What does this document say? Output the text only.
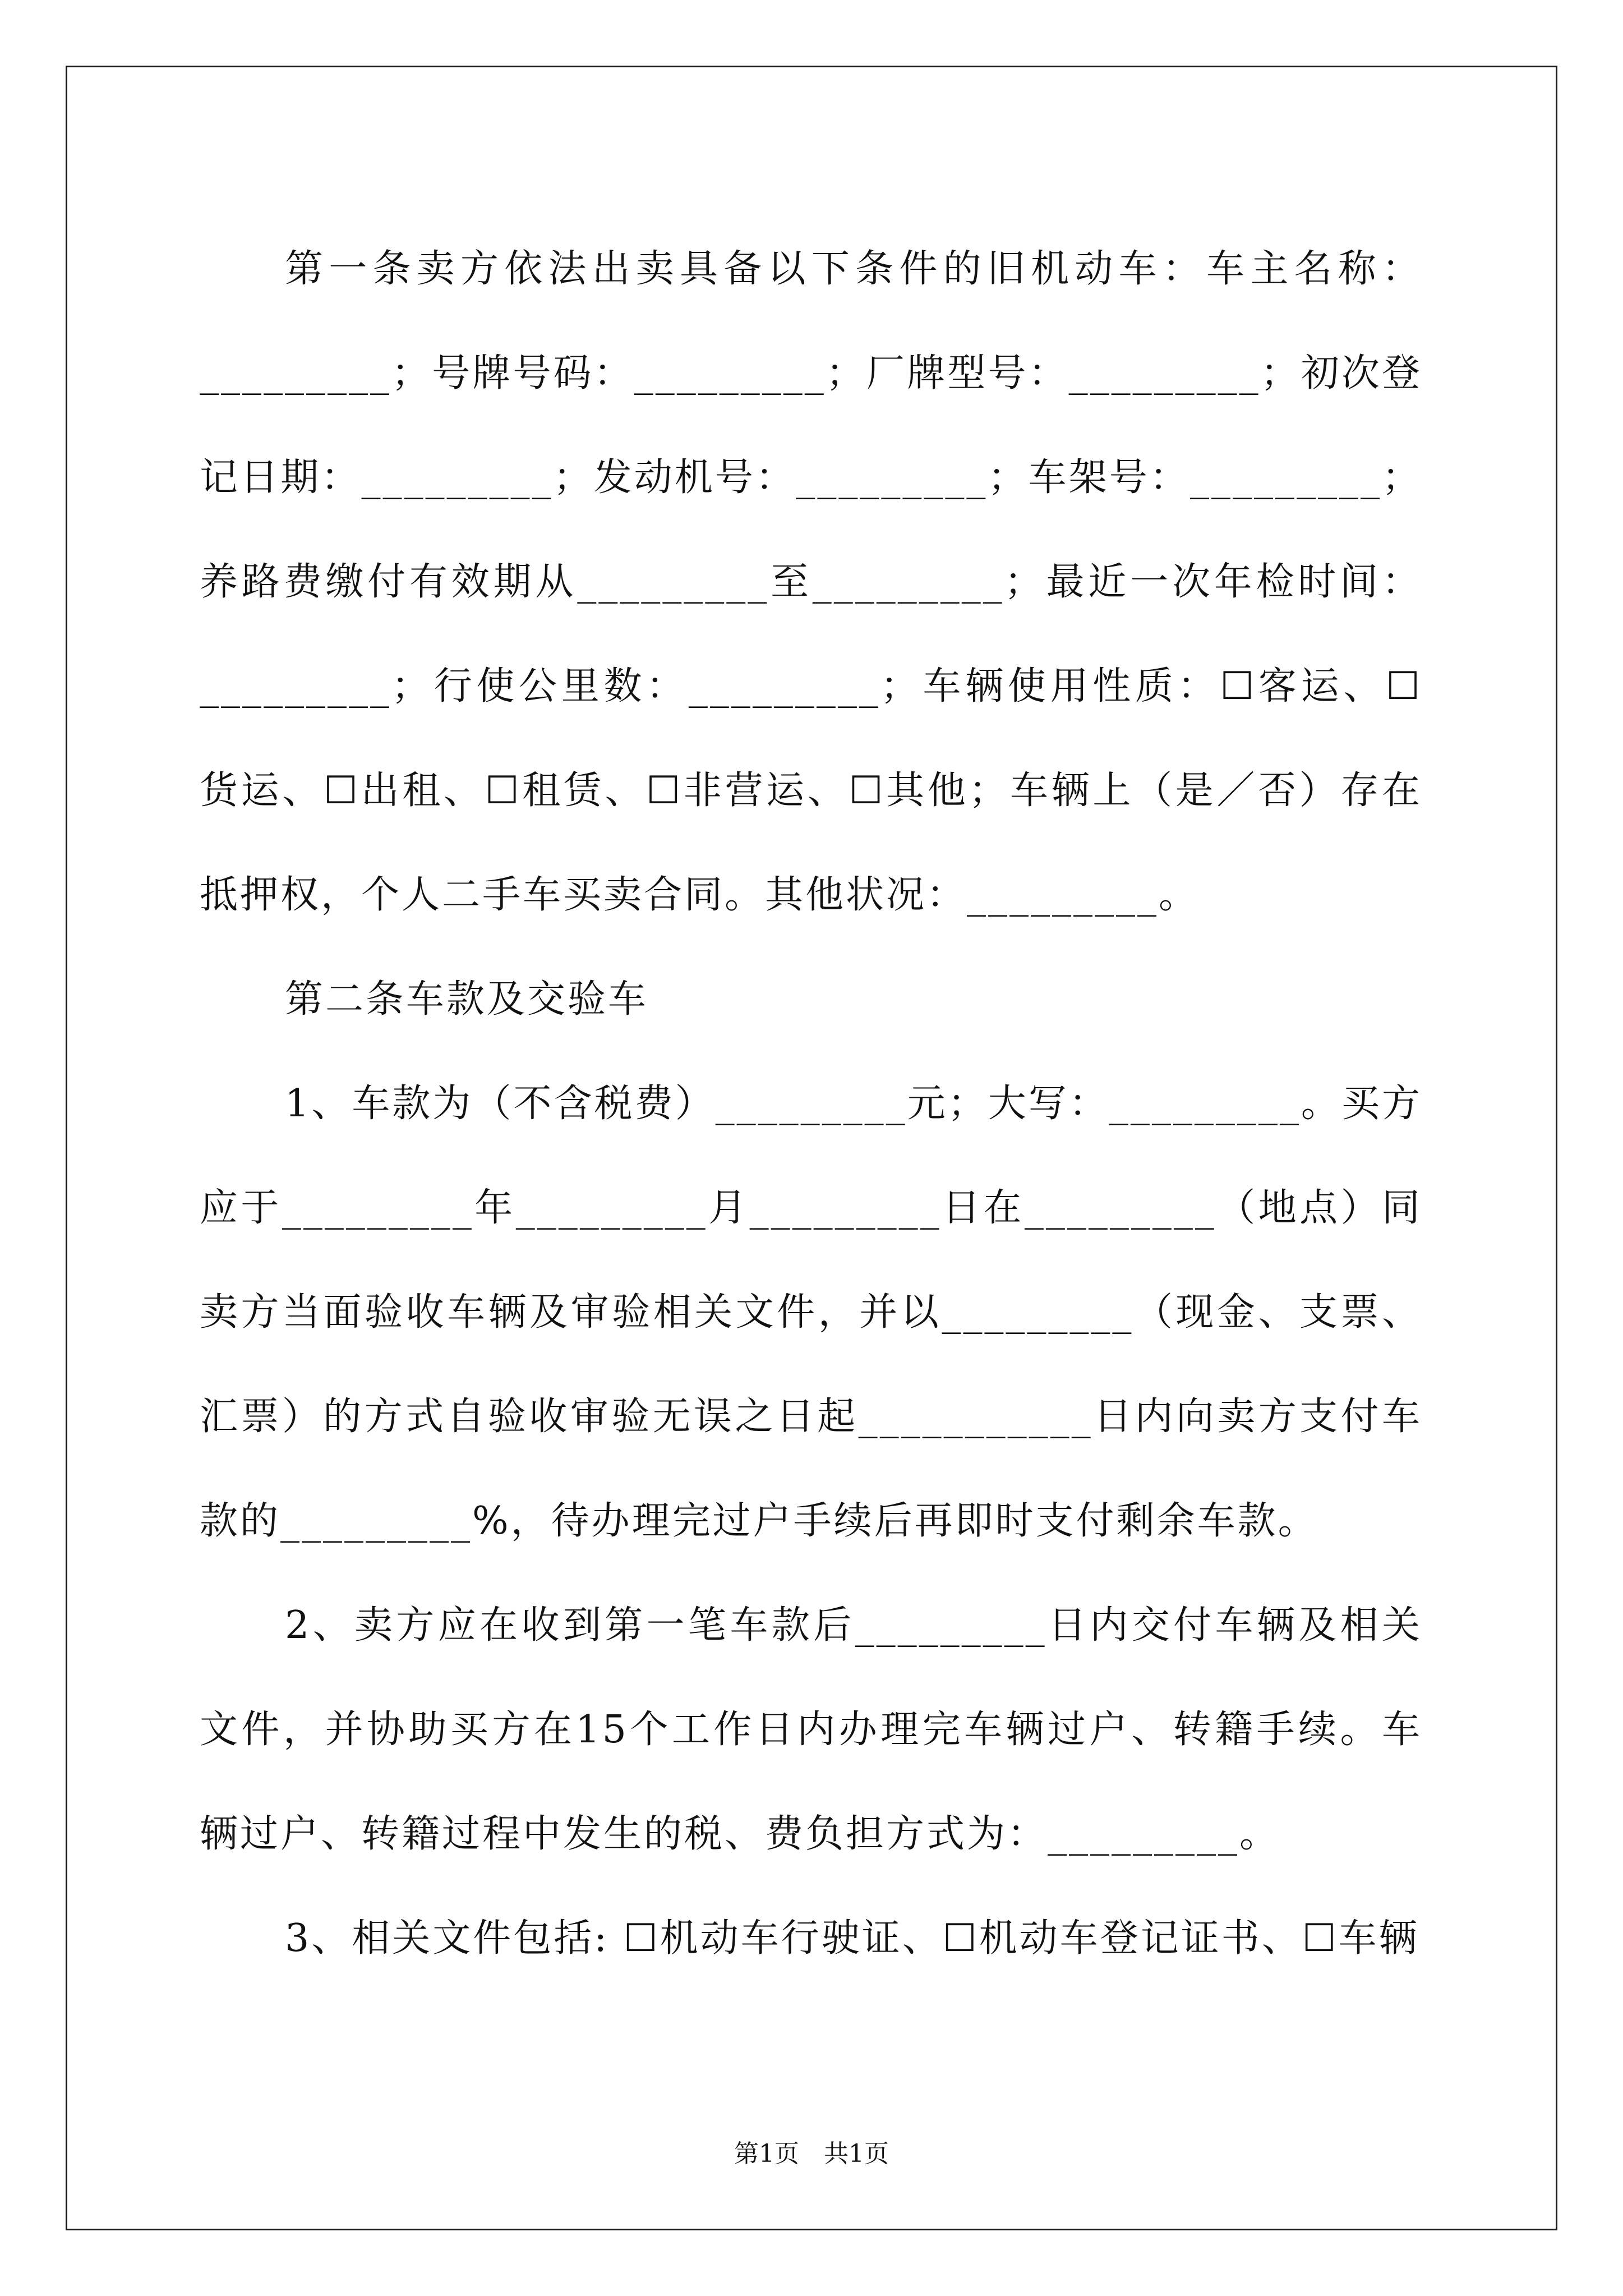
第一条卖方依法出卖具备以下条件的旧机动车：车主名称：_________；号牌号码：_________；厂牌型号：_________；初次登记日期：_________；发动机号：_________；车架号：_________；养路费缴付有效期从_________至_________；最近一次年检时间：_________；行使公里数：_________；车辆使用性质：☐客运、☐货运、☐出租、☐租赁、☐非营运、☐其他；车辆上（是／否）存在抵押权，个人二手车买卖合同。其他状况：_________。

第二条车款及交验车

1、车款为（不含税费）_________元；大写：_________。买方应于_________年_________月_________日在_________（地点）同卖方当面验收车辆及审验相关文件，并以_________（现金、支票、汇票）的方式自验收审验无误之日起___________日内向卖方支付车款的_________%，待办理完过户手续后再即时支付剩余车款。

2、卖方应在收到第一笔车款后_________日内交付车辆及相关文件，并协助买方在15个工作日内办理完车辆过户、转籍手续。车辆过户、转籍过程中发生的税、费负担方式为：_________。

3、相关文件包括: ☐机动车行驶证、☐机动车登记证书、☐车辆

第1页　共1页
